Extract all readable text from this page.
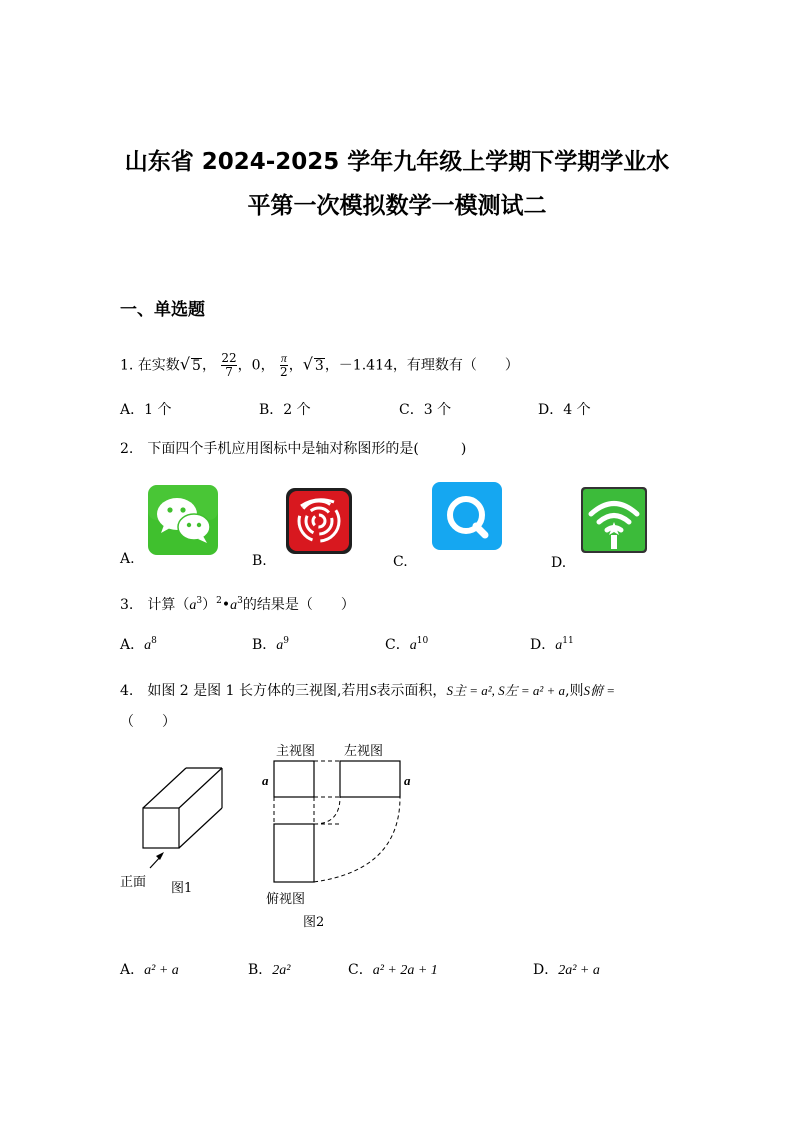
山东省 2024-2025 学年九年级上学期下学期学业水
平第一次模拟数学一模测试二
一、单选题
1. 在实数√ 5， $\frac{22}{7}$ ，0， $\frac{\pi}{2}$ ，√ 3，－1.414，有理数有（　　）
A．1 个	B．2 个	C．3 个	D．4 个
2.　下面四个手机应用图标中是轴对称图形的是(　　　)
A.	B.	C.	D.
3.　计算$(a^3)^2•a^3$的结果是（　　）
A．$a^8$	B．$a^9$	C．$a^{10}$	D．$a^{11}$
4.　如图 2 是图 1 长方体的三视图,若用S表示面积，S主 = a², S左 = a² + a,则S俯 =
（　　）
正面 图1
主视图 左视图
a	a
俯视图
图2
A．a² + a	B．2a²	C．a² + 2a + 1	D．2a² + a
